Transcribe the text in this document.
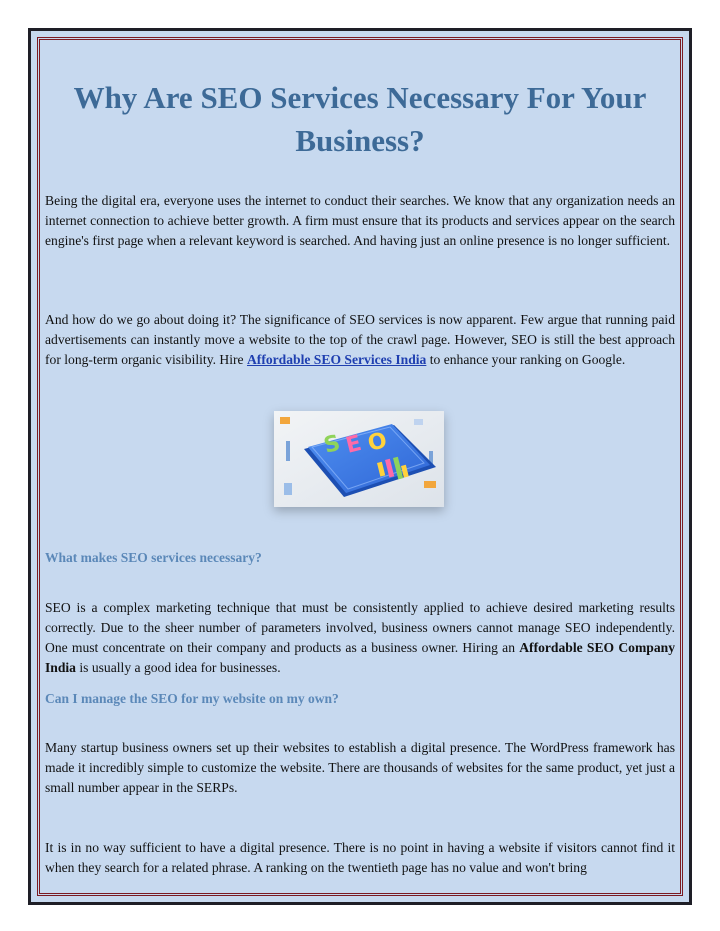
Why Are SEO Services Necessary For Your Business?

Being the digital era, everyone uses the internet to conduct their searches. We know that any organization needs an internet connection to achieve better growth. A firm must ensure that its products and services appear on the search engine's first page when a relevant keyword is searched. And having just an online presence is no longer sufficient.

And how do we go about doing it? The significance of SEO services is now apparent. Few argue that running paid advertisements can instantly move a website to the top of the crawl page. However, SEO is still the best approach for long-term organic visibility. Hire Affordable SEO Services India to enhance your ranking on Google.

S E O
What makes SEO services necessary?

SEO is a complex marketing technique that must be consistently applied to achieve desired marketing results correctly. Due to the sheer number of parameters involved, business owners cannot manage SEO independently. One must concentrate on their company and products as a business owner. Hiring an Affordable SEO Company India is usually a good idea for businesses.

Can I manage the SEO for my website on my own?

Many startup business owners set up their websites to establish a digital presence. The WordPress framework has made it incredibly simple to customize the website. There are thousands of websites for the same product, yet just a small number appear in the SERPs.

It is in no way sufficient to have a digital presence. There is no point in having a website if visitors cannot find it when they search for a related phrase. A ranking on the twentieth page has no value and won't bring
